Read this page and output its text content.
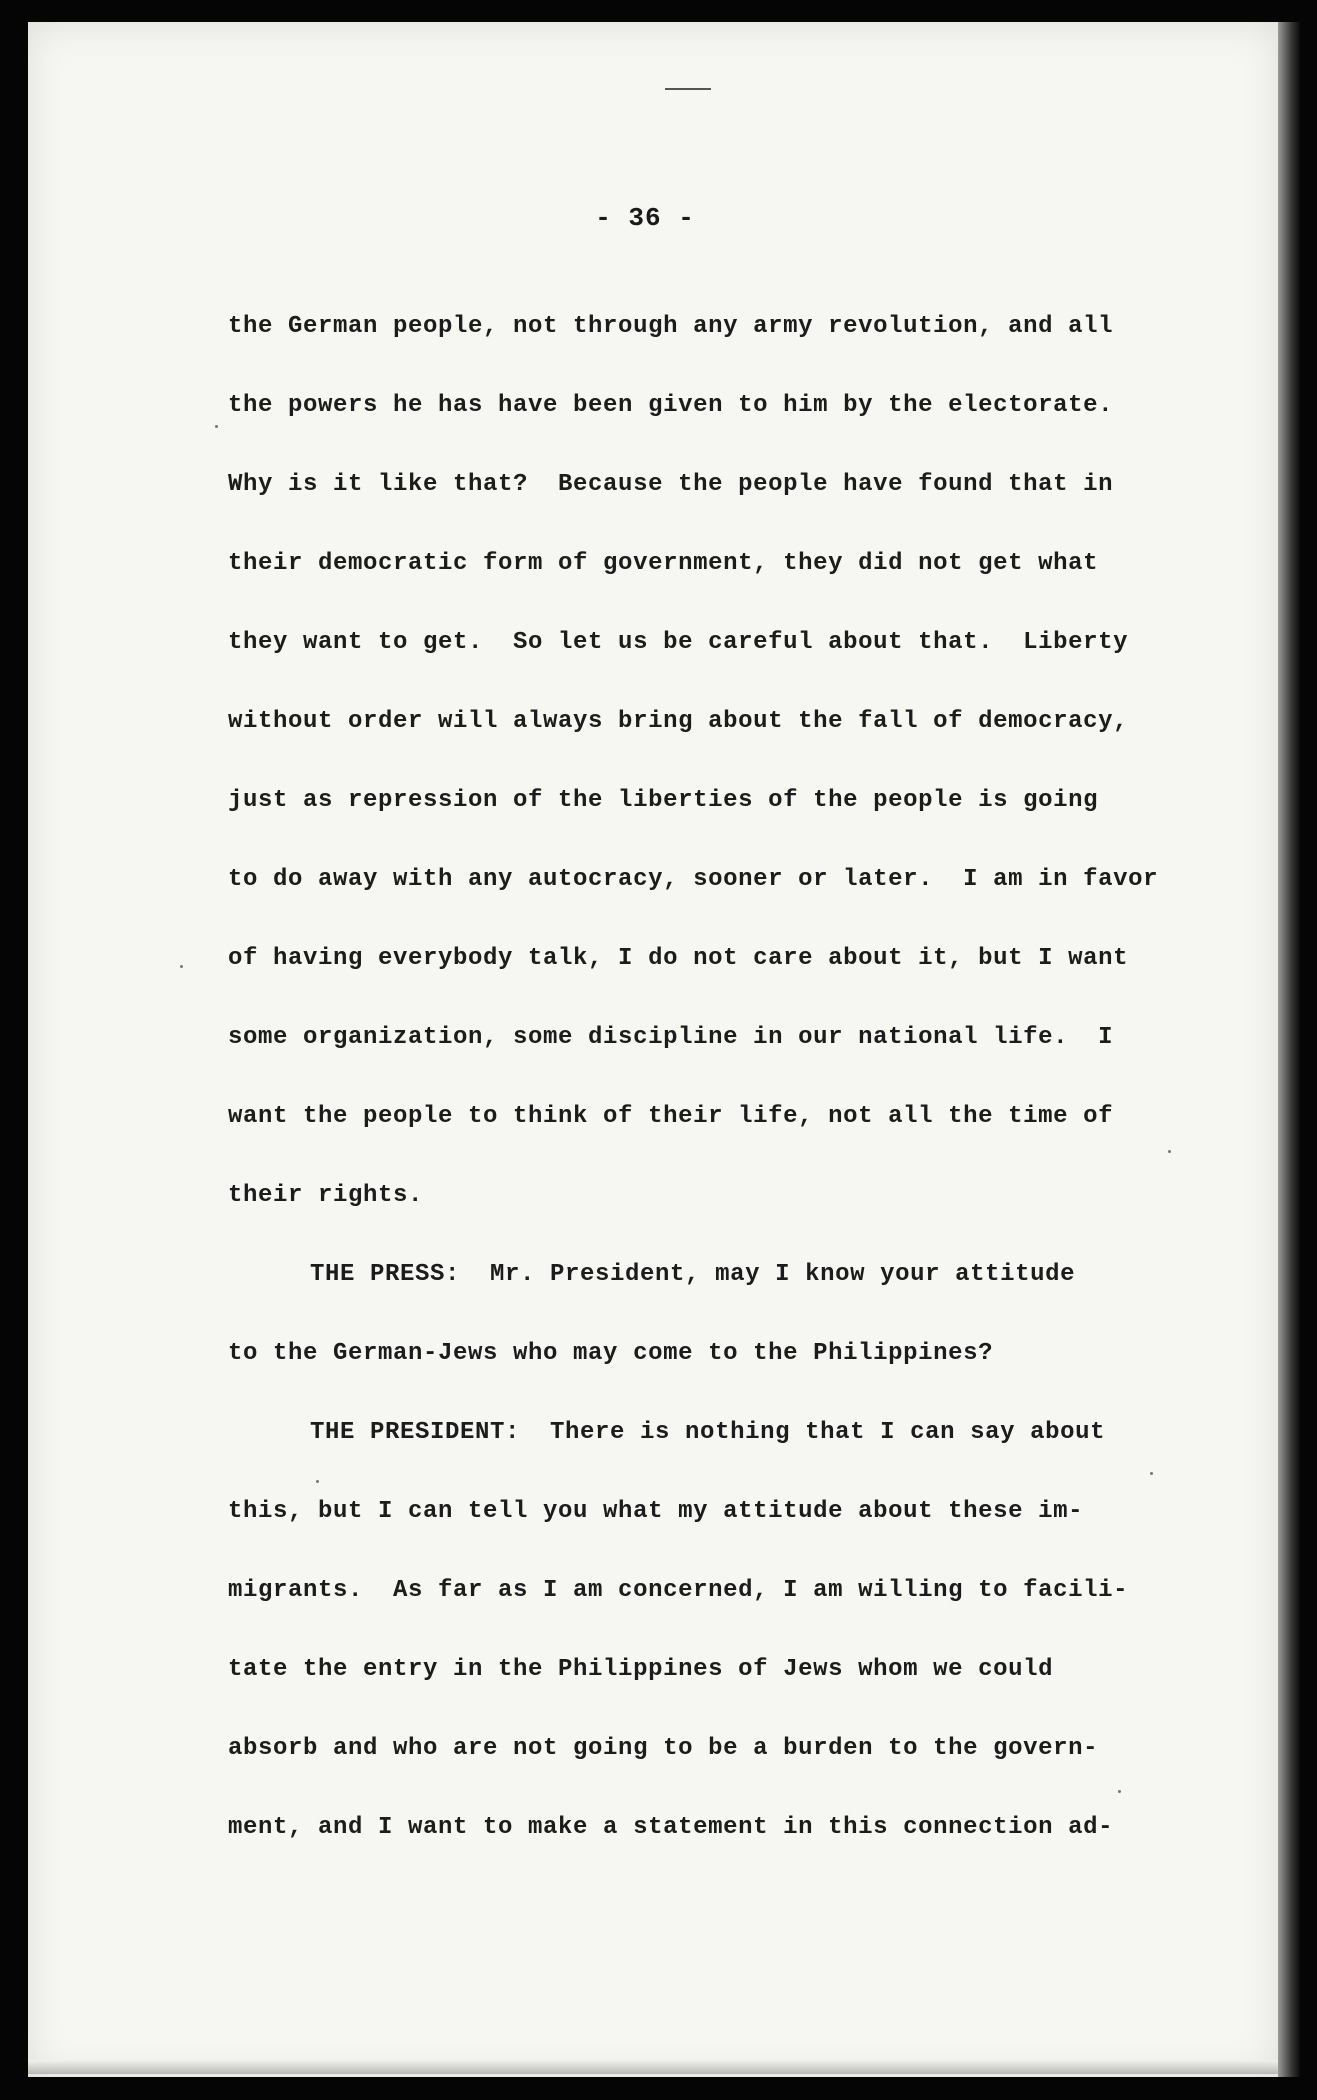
- 36 -
the German people, not through any army revolution, and all
the powers he has have been given to him by the electorate.
Why is it like that?  Because the people have found that in
their democratic form of government, they did not get what
they want to get.  So let us be careful about that.  Liberty
without order will always bring about the fall of democracy,
just as repression of the liberties of the people is going
to do away with any autocracy, sooner or later.  I am in favor
of having everybody talk, I do not care about it, but I want
some organization, some discipline in our national life.  I
want the people to think of their life, not all the time of
their rights.
THE PRESS:  Mr. President, may I know your attitude
to the German-Jews who may come to the Philippines?
THE PRESIDENT:  There is nothing that I can say about
this, but I can tell you what my attitude about these im-
migrants.  As far as I am concerned, I am willing to facili-
tate the entry in the Philippines of Jews whom we could
absorb and who are not going to be a burden to the govern-
ment, and I want to make a statement in this connection ad-
